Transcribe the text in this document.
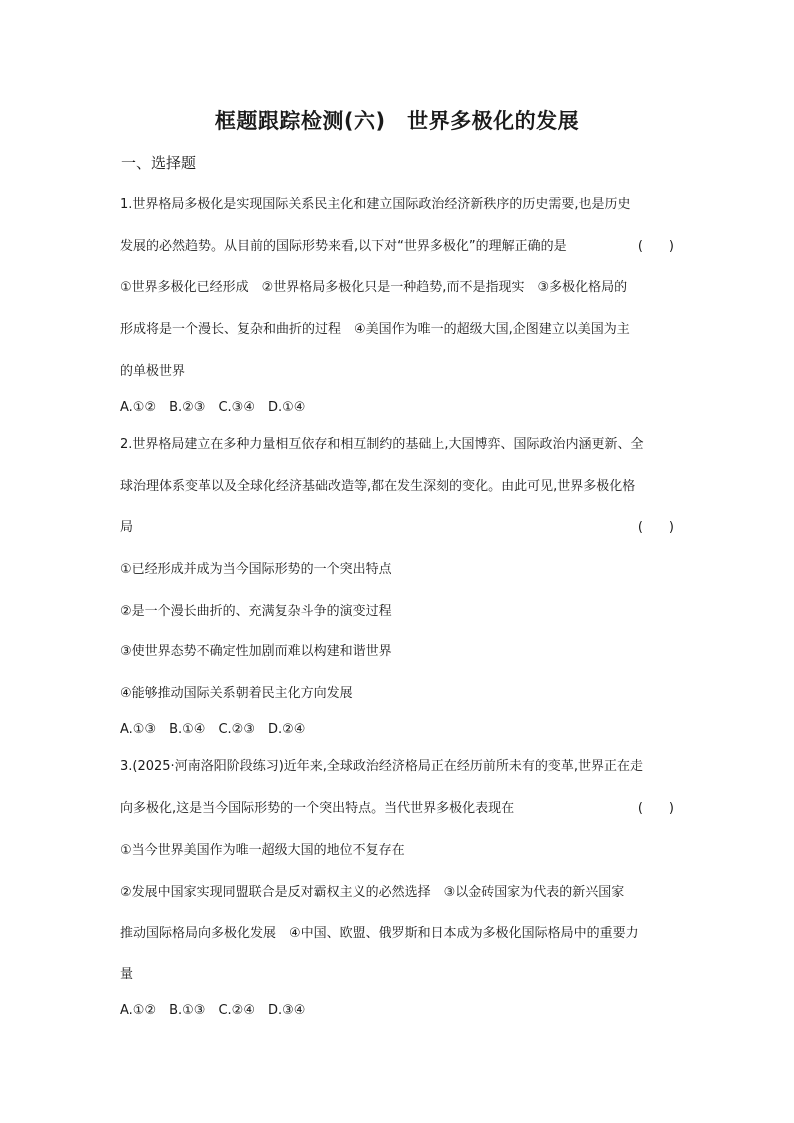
框题跟踪检测(六)　世界多极化的发展
一、选择题
1.世界格局多极化是实现国际关系民主化和建立国际政治经济新秩序的历史需要,也是历史
发展的必然趋势。从目前的国际形势来看,以下对“世界多极化”的理解正确的是	(　　)
①世界多极化已经形成　②世界格局多极化只是一种趋势,而不是指现实　③多极化格局的
形成将是一个漫长、复杂和曲折的过程　④美国作为唯一的超级大国,企图建立以美国为主
的单极世界
A.①②　B.②③　C.③④　D.①④
2.世界格局建立在多种力量相互依存和相互制约的基础上,大国博弈、国际政治内涵更新、全
球治理体系变革以及全球化经济基础改造等,都在发生深刻的变化。由此可见,世界多极化格
局	(　　)
①已经形成并成为当今国际形势的一个突出特点
②是一个漫长曲折的、充满复杂斗争的演变过程
③使世界态势不确定性加剧而难以构建和谐世界
④能够推动国际关系朝着民主化方向发展
A.①③　B.①④　C.②③　D.②④
3.(2025·河南洛阳阶段练习)近年来,全球政治经济格局正在经历前所未有的变革,世界正在走
向多极化,这是当今国际形势的一个突出特点。当代世界多极化表现在	(　　)
①当今世界美国作为唯一超级大国的地位不复存在
②发展中国家实现同盟联合是反对霸权主义的必然选择　③以金砖国家为代表的新兴国家
推动国际格局向多极化发展　④中国、欧盟、俄罗斯和日本成为多极化国际格局中的重要力
量
A.①②　B.①③　C.②④　D.③④
